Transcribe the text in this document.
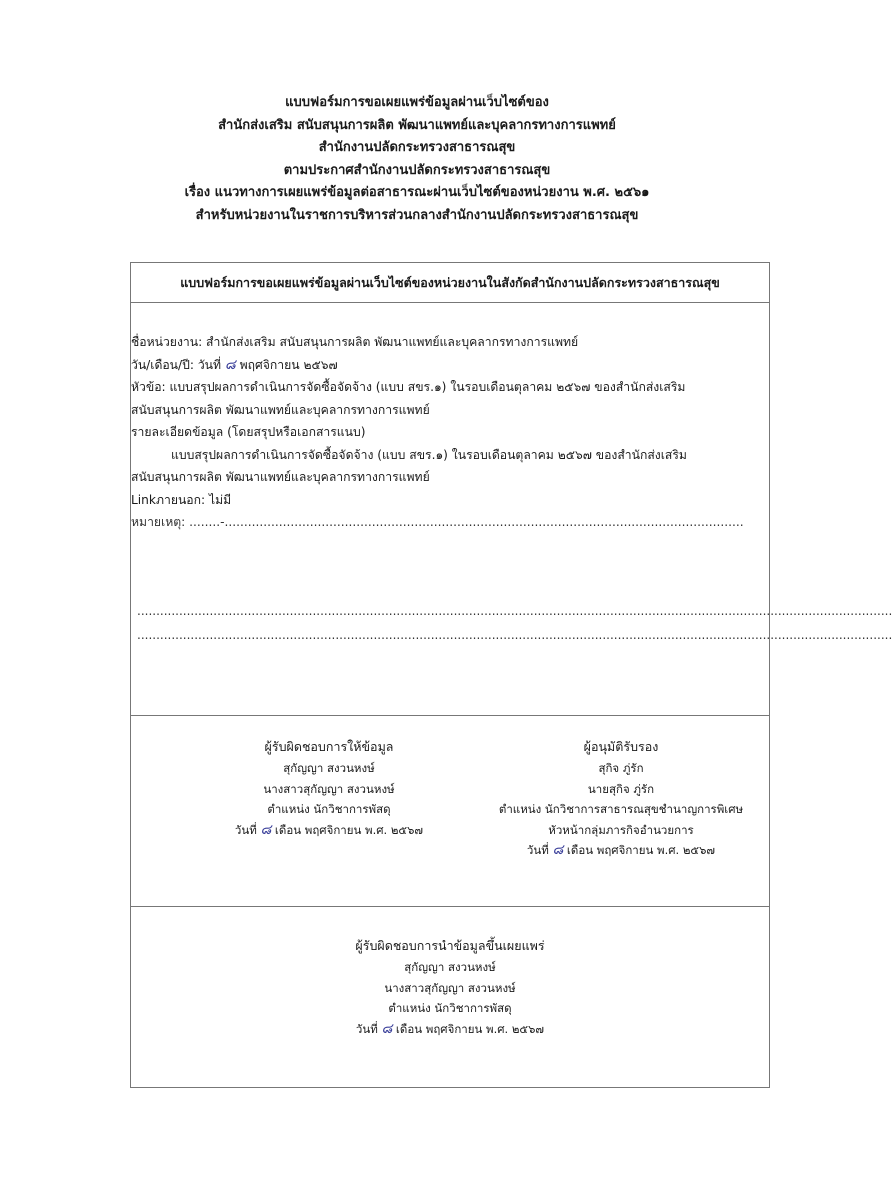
แบบฟอร์มการขอเผยแพร่ข้อมูลผ่านเว็บไซต์ของ
สำนักส่งเสริม สนับสนุนการผลิต พัฒนาแพทย์และบุคลากรทางการแพทย์
สำนักงานปลัดกระทรวงสาธารณสุข
ตามประกาศสำนักงานปลัดกระทรวงสาธารณสุข
เรื่อง แนวทางการเผยแพร่ข้อมูลต่อสาธารณะผ่านเว็บไซต์ของหน่วยงาน พ.ศ. ๒๕๖๑
สำหรับหน่วยงานในราชการบริหารส่วนกลางสำนักงานปลัดกระทรวงสาธารณสุข
แบบฟอร์มการขอเผยแพร่ข้อมูลผ่านเว็บไซต์ของหน่วยงานในสังกัดสำนักงานปลัดกระทรวงสาธารณสุข
ชื่อหน่วยงาน: สำนักส่งเสริม สนับสนุนการผลิต พัฒนาแพทย์และบุคลากรทางการแพทย์
วัน/เดือน/ปี: วันที่ ๘ พฤศจิกายน ๒๕๖๗
หัวข้อ: แบบสรุปผลการดำเนินการจัดซื้อจัดจ้าง (แบบ สขร.๑) ในรอบเดือนตุลาคม ๒๕๖๗ ของสำนักส่งเสริม
สนับสนุนการผลิต พัฒนาแพทย์และบุคลากรทางการแพทย์
รายละเอียดข้อมูล (โดยสรุปหรือเอกสารแนบ)
แบบสรุปผลการดำเนินการจัดซื้อจัดจ้าง (แบบ สขร.๑) ในรอบเดือนตุลาคม ๒๕๖๗ ของสำนักส่งเสริม
สนับสนุนการผลิต พัฒนาแพทย์และบุคลากรทางการแพทย์
Linkภายนอก: ไม่มี
หมายเหตุ: ........-......................................................................................................................................
......................................................................................................................................................................................................
......................................................................................................................................................................................................
ผู้รับผิดชอบการให้ข้อมูล
สุกัญญา สงวนหงษ์
นางสาวสุกัญญา สงวนหงษ์
ตำแหน่ง นักวิชาการพัสดุ
วันที่ ๘ เดือน พฤศจิกายน พ.ศ. ๒๕๖๗
ผู้อนุมัติรับรอง
สุกิจ ภู่รัก
นายสุกิจ ภู่รัก
ตำแหน่ง นักวิชาการสาธารณสุขชำนาญการพิเศษ
หัวหน้ากลุ่มภารกิจอำนวยการ
วันที่ ๘ เดือน พฤศจิกายน พ.ศ. ๒๕๖๗
ผู้รับผิดชอบการนำข้อมูลขึ้นเผยแพร่
สุกัญญา สงวนหงษ์
นางสาวสุกัญญา สงวนหงษ์
ตำแหน่ง นักวิชาการพัสดุ
วันที่ ๘ เดือน พฤศจิกายน พ.ศ. ๒๕๖๗
